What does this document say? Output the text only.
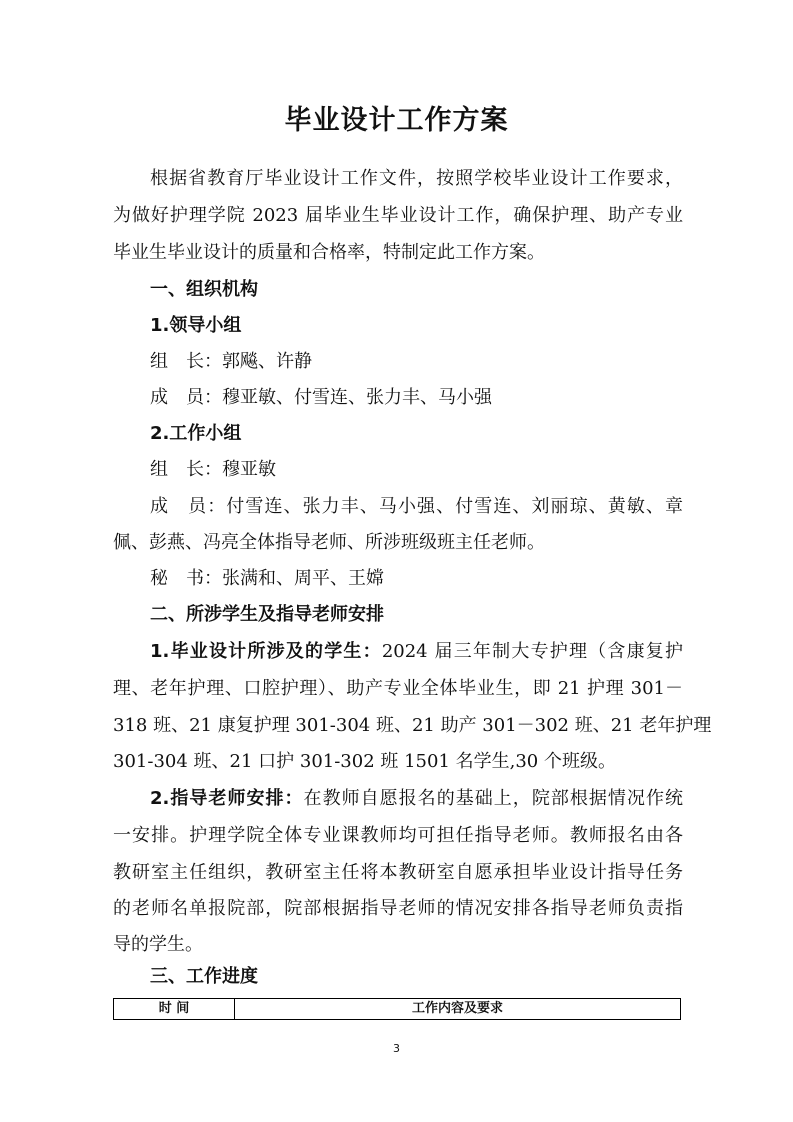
毕业设计工作方案
根据省教育厅毕业设计工作文件，按照学校毕业设计工作要求，
为做好护理学院 2023 届毕业生毕业设计工作，确保护理、助产专业
毕业生毕业设计的质量和合格率，特制定此工作方案。
一、组织机构
1.领导小组
组　长：郭飚、许静
成　员：穆亚敏、付雪连、张力丰、马小强
2.工作小组
组　长：穆亚敏
成　员：付雪连、张力丰、马小强、付雪连、刘丽琼、黄敏、章
佩、彭燕、冯亮全体指导老师、所涉班级班主任老师。
秘　书：张满和、周平、王嫦
二、所涉学生及指导老师安排
1.毕业设计所涉及的学生：2024 届三年制大专护理（含康复护
理、老年护理、口腔护理）、助产专业全体毕业生，即 21 护理 301－
318 班、21 康复护理 301-304 班、21 助产 301－302 班、21 老年护理
301-304 班、21 口护 301-302 班 1501 名学生,30 个班级。
2.指导老师安排：在教师自愿报名的基础上，院部根据情况作统
一安排。护理学院全体专业课教师均可担任指导老师。教师报名由各
教研室主任组织，教研室主任将本教研室自愿承担毕业设计指导任务
的老师名单报院部，院部根据指导老师的情况安排各指导老师负责指
导的学生。
三、工作进度
时 间	工作内容及要求
3
